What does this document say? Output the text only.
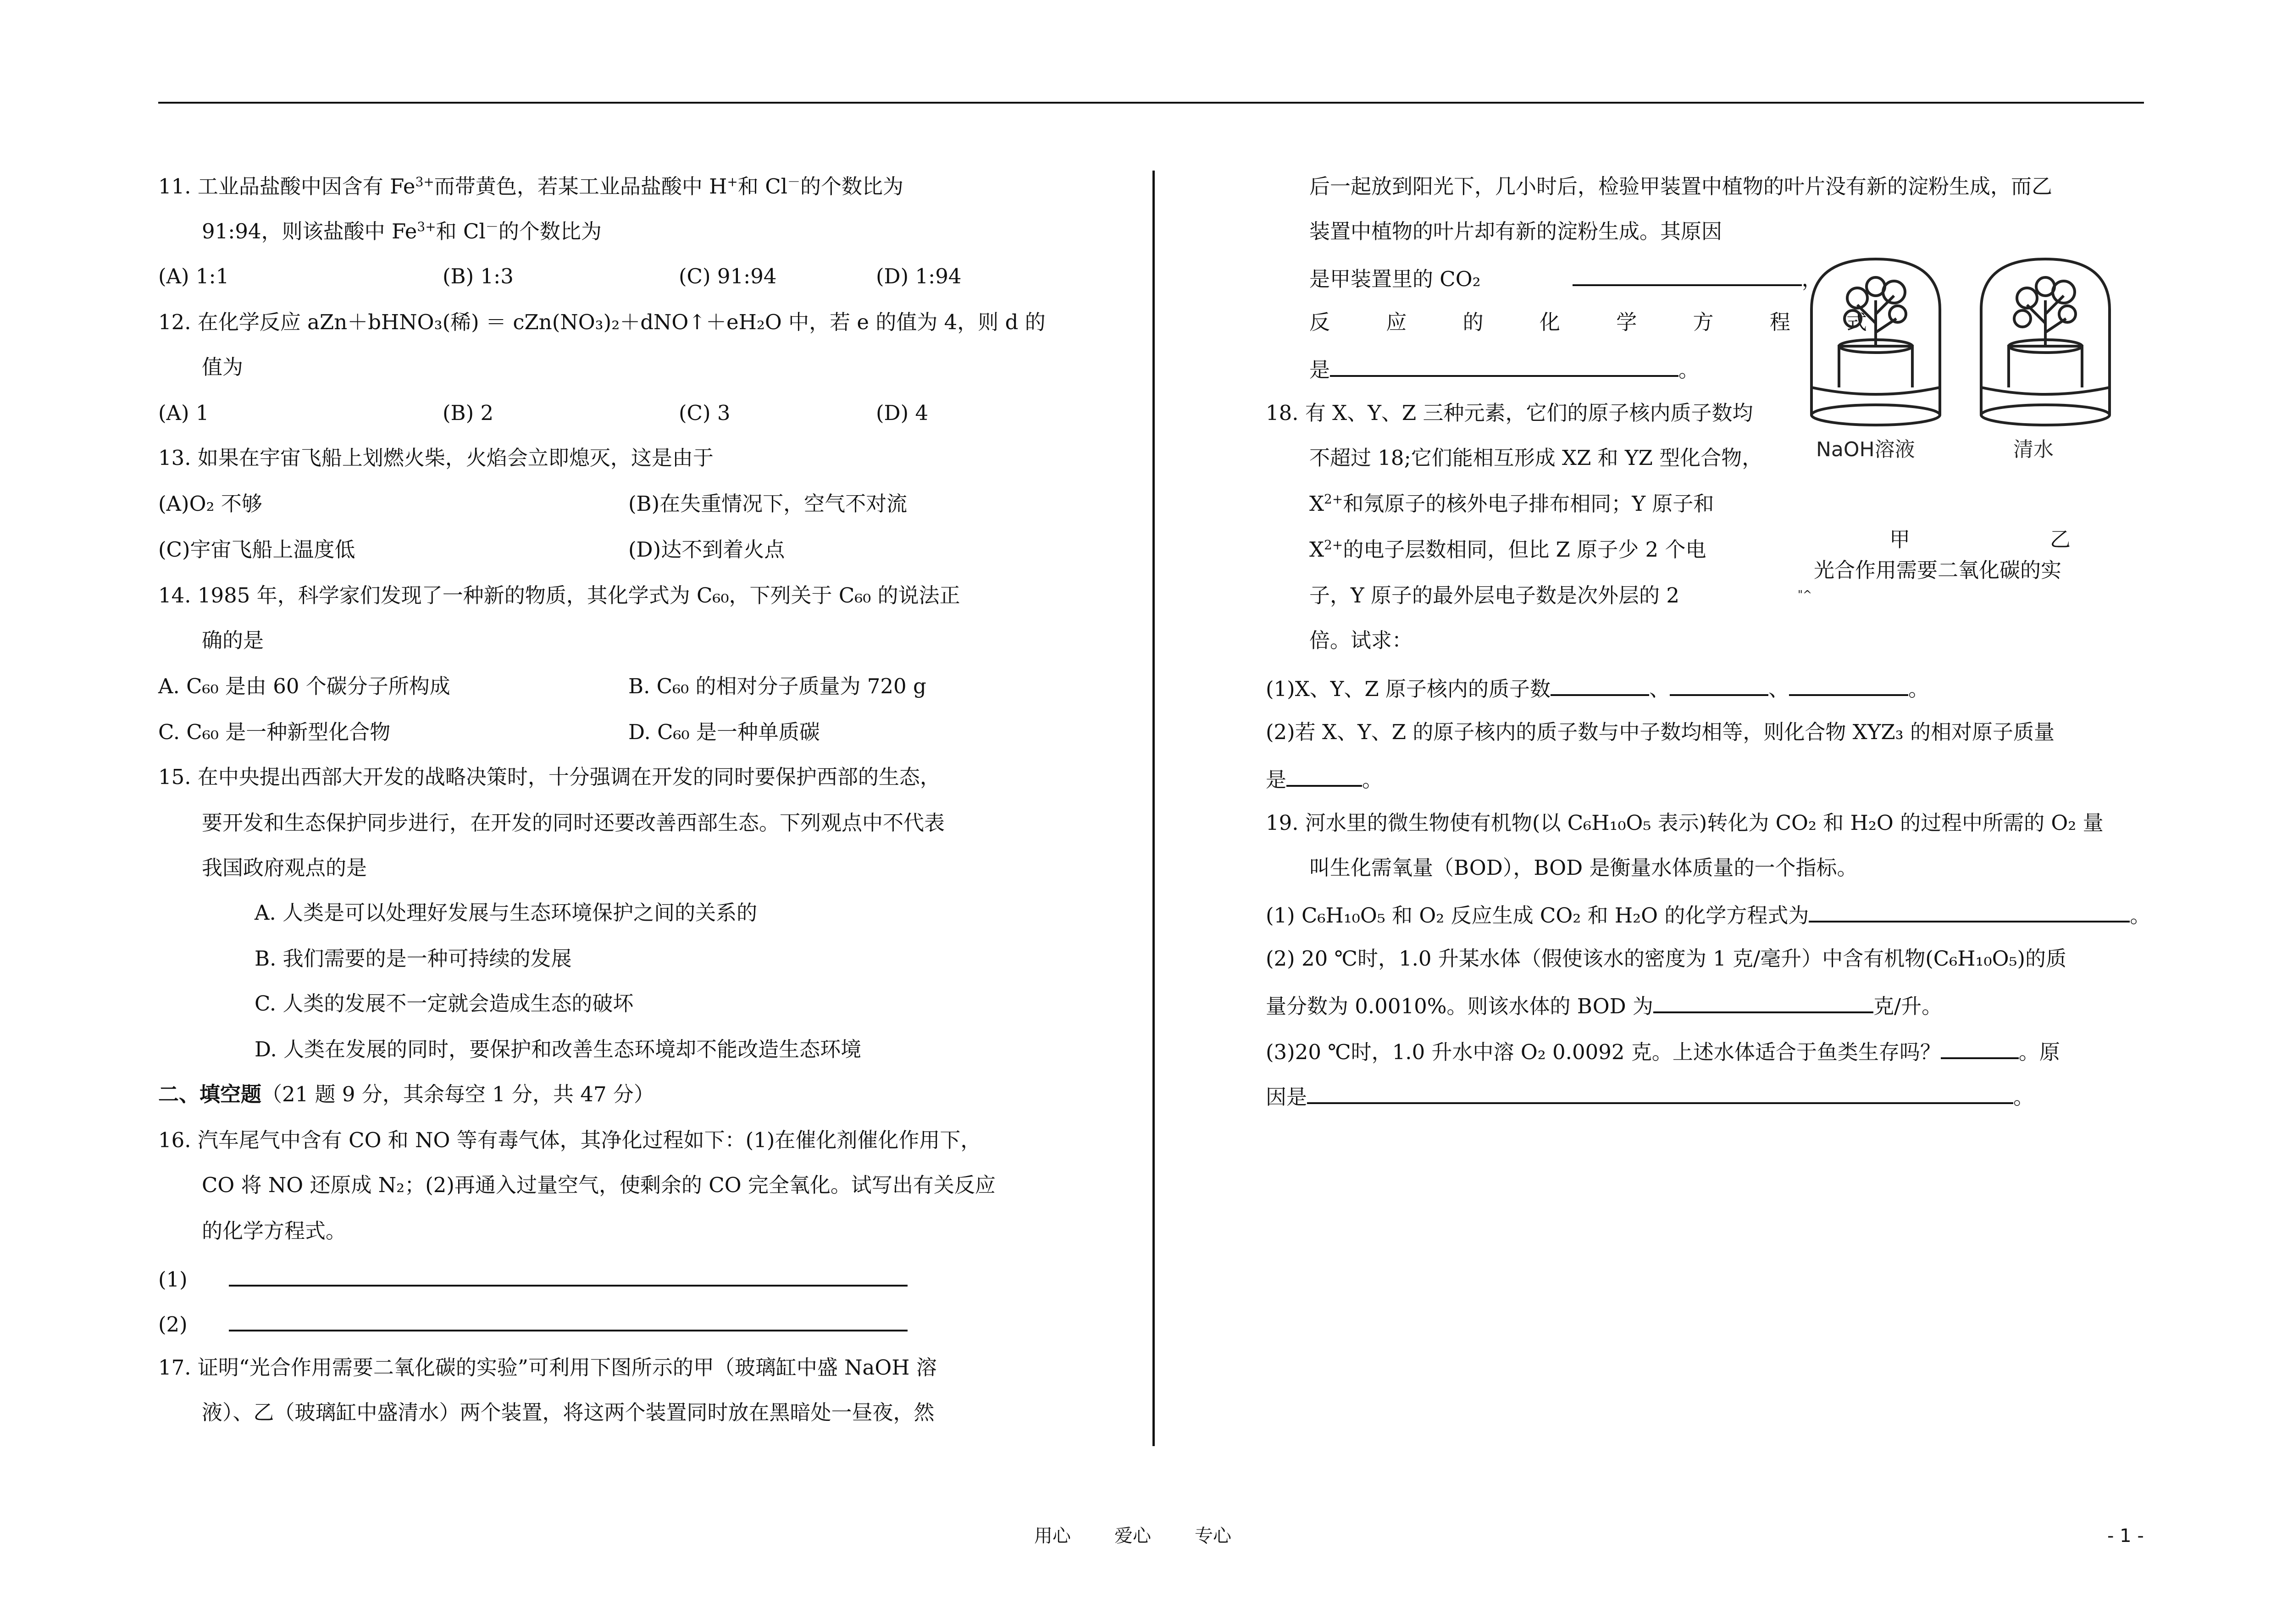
11. 工业品盐酸中因含有 $Fe^{3+}$而带黄色，若某工业品盐酸中 H+和 Cl－的个数比为
91:94，则该盐酸中 $Fe^{3+}$和 Cl－的个数比为
(A) 1:1	(B) 1:3	(C) 91:94	(D) 1:94
12. 在化学反应 aZn＋bHNO₃(稀) ＝ cZn(NO₃)₂＋dNO↑＋eH₂O 中，若 e 的值为 4，则 d 的
值为
(A) 1	(B) 2	(C) 3	(D) 4
13. 如果在宇宙飞船上划燃火柴，火焰会立即熄灭，这是由于
(A)O₂ 不够	(B)在失重情况下，空气不对流
(C)宇宙飞船上温度低	(D)达不到着火点
14. 1985 年，科学家们发现了一种新的物质，其化学式为 C₆₀，下列关于 C₆₀ 的说法正
确的是
A. C₆₀ 是由 60 个碳分子所构成	B. C₆₀ 的相对分子质量为 720 g
C. C₆₀ 是一种新型化合物	D. C₆₀ 是一种单质碳
15. 在中央提出西部大开发的战略决策时，十分强调在开发的同时要保护西部的生态，
要开发和生态保护同步进行，在开发的同时还要改善西部生态。下列观点中不代表
我国政府观点的是
A. 人类是可以处理好发展与生态环境保护之间的关系的
B. 我们需要的是一种可持续的发展
C. 人类的发展不一定就会造成生态的破坏
D. 人类在发展的同时，要保护和改善生态环境却不能改造生态环境
二、填空题（21 题 9 分，其余每空 1 分，共 47 分）
16. 汽车尾气中含有 CO 和 NO 等有毒气体，其净化过程如下：(1)在催化剂催化作用下，
CO 将 NO 还原成 N₂；(2)再通入过量空气，使剩余的 CO 完全氧化。试写出有关反应
的化学方程式。
(1)
(2)
17. 证明“光合作用需要二氧化碳的实验”可利用下图所示的甲（玻璃缸中盛 NaOH 溶
液）、乙（玻璃缸中盛清水）两个装置，将这两个装置同时放在黑暗处一昼夜，然
后一起放到阳光下，几小时后，检验甲装置中植物的叶片没有新的淀粉生成，而乙
装置中植物的叶片却有新的淀粉生成。其原因
是甲装置里的 CO₂	，
反 应 的 化 学 方 程 式
是	。
NaOH溶液	清水
甲	乙
光合作用需要二氧化碳的实
"^
18. 有 X、Y、Z 三种元素，它们的原子核内质子数均
不超过 18;它们能相互形成 XZ 和 YZ 型化合物，
$X^{2+}$和氖原子的核外电子排布相同；Y 原子和
$X^{2+}$的电子层数相同，但比 Z 原子少 2 个电
子，Y 原子的最外层电子数是次外层的 2
倍。试求：
(1)X、Y、Z 原子核内的质子数	、	、	。
(2)若 X、Y、Z 的原子核内的质子数与中子数均相等，则化合物 XYZ₃ 的相对原子质量
是	。
19. 河水里的微生物使有机物(以 C₆H₁₀O₅ 表示)转化为 CO₂ 和 H₂O 的过程中所需的 O₂ 量
叫生化需氧量（BOD），BOD 是衡量水体质量的一个指标。
(1) C₆H₁₀O₅ 和 O₂ 反应生成 CO₂ 和 H₂O 的化学方程式为	。
(2) 20 ℃时，1.0 升某水体（假使该水的密度为 1 克/毫升）中含有机物(C₆H₁₀O₅)的质
量分数为 0.0010%。则该水体的 BOD 为	克/升。
(3)20 ℃时，1.0 升水中溶 O₂ 0.0092 克。上述水体适合于鱼类生存吗？	。原
因是	。
用心 爱心 专心	- 1 -
